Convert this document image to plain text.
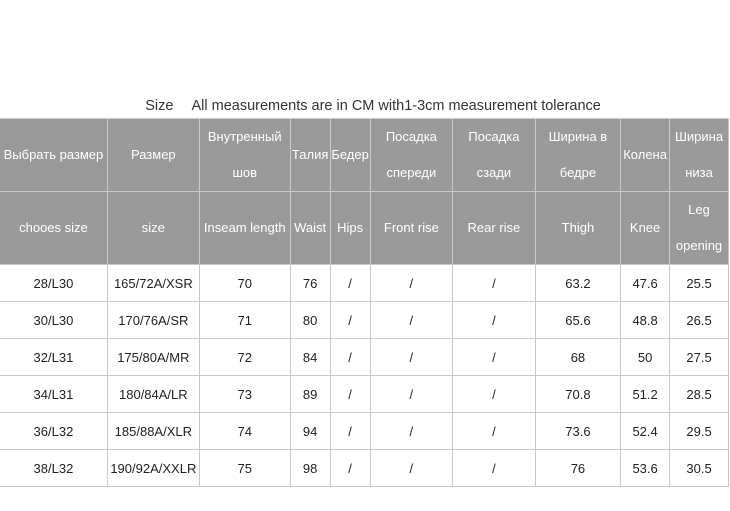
Size All measurements are in CM with1-3cm measurement tolerance

Выбрать размер	Размер	Внутренный шов	Талия	Бедер	Посадка спереди	Посадка сзади	Ширина в бедре	Колена	Ширина низа

chooes size	size	Inseam length	Waist	Hips	Front rise	Rear rise	Thigh	Knee	Leg opening

28/L30	165/72A/XSR	70	76	/	/	/	63.2	47.6	25.5
30/L30	170/76A/SR	71	80	/	/	/	65.6	48.8	26.5
32/L31	175/80A/MR	72	84	/	/	/	68	50	27.5
34/L31	180/84A/LR	73	89	/	/	/	70.8	51.2	28.5
36/L32	185/88A/XLR	74	94	/	/	/	73.6	52.4	29.5
38/L32	190/92A/XXLR	75	98	/	/	/	76	53.6	30.5
